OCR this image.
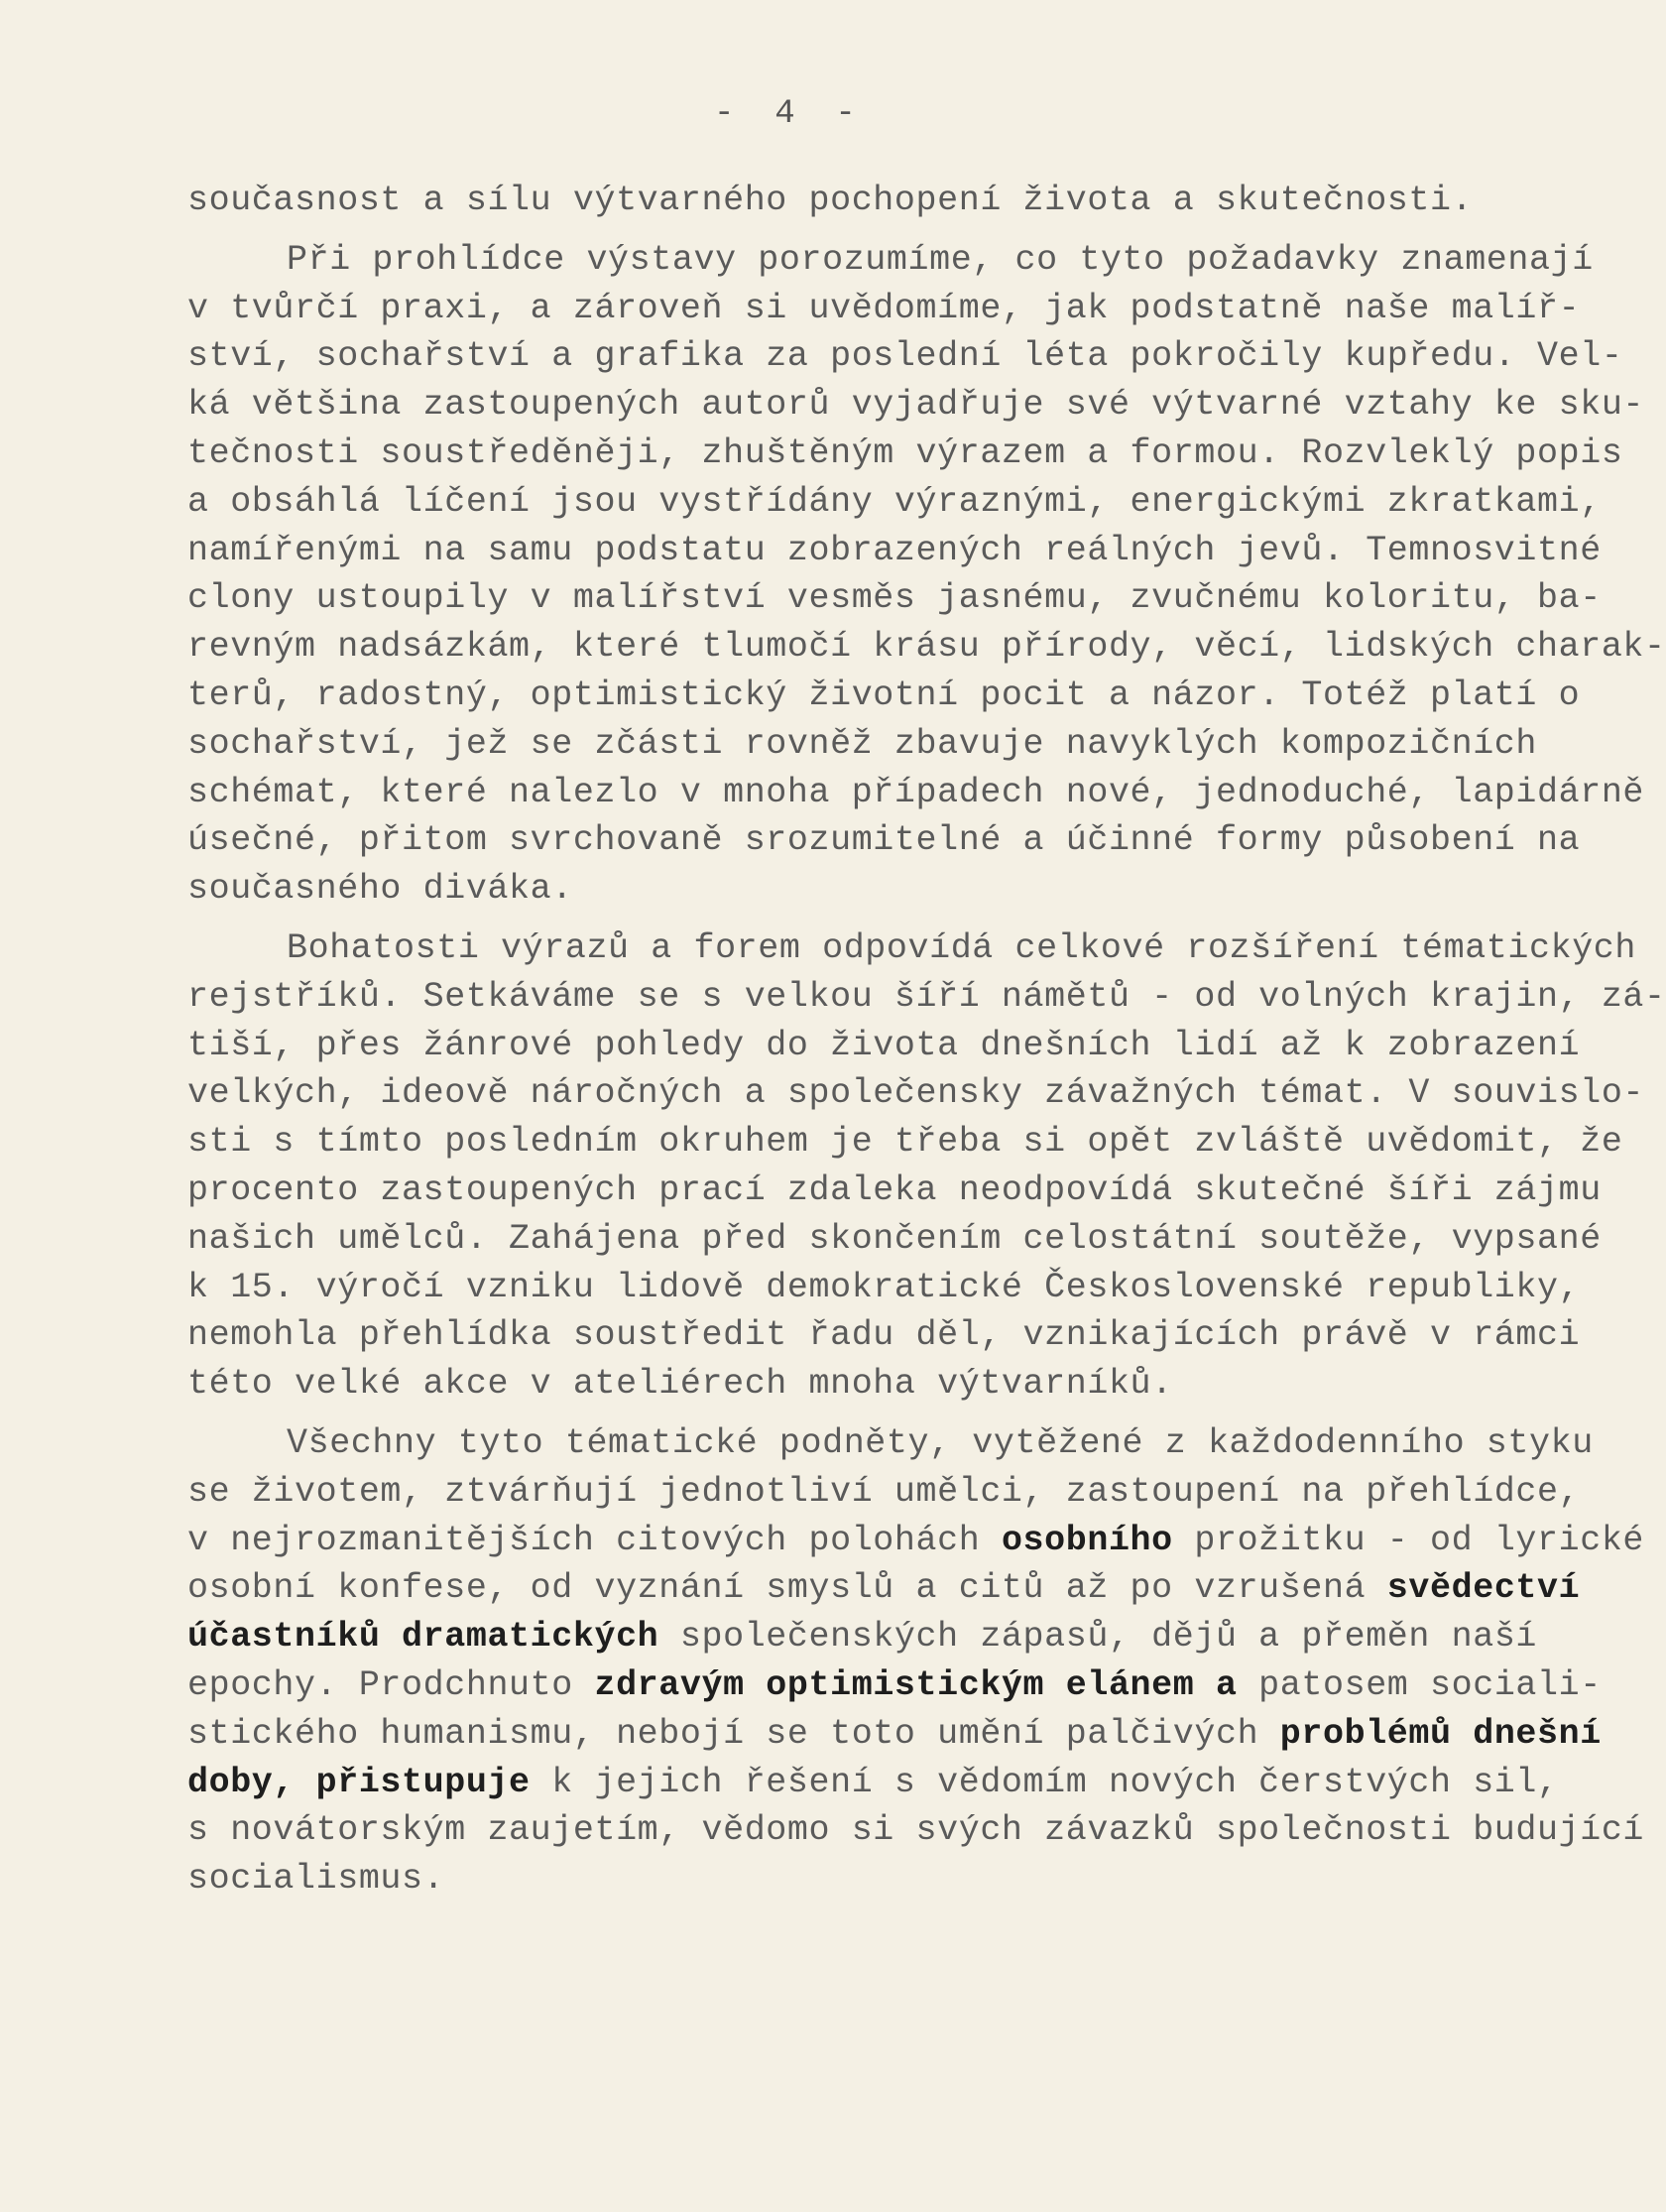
-  4  -
současnost a sílu výtvarného pochopení života a skutečnosti.
Při prohlídce výstavy porozumíme, co tyto požadavky znamenají
v tvůrčí praxi, a zároveň si uvědomíme, jak podstatně naše malíř-
ství, sochařství a grafika za poslední léta pokročily kupředu. Vel-
ká většina zastoupených autorů vyjadřuje své výtvarné vztahy ke sku-
tečnosti soustředěněji, zhuštěným výrazem a formou. Rozvleklý popis
a obsáhlá líčení jsou vystřídány výraznými, energickými zkratkami,
namířenými na samu podstatu zobrazených reálných jevů. Temnosvitné
clony ustoupily v malířství vesměs jasnému, zvučnému koloritu, ba-
revným nadsázkám, které tlumočí krásu přírody, věcí, lidských charak-
terů, radostný, optimistický životní pocit a názor. Totéž platí o
sochařství, jež se zčásti rovněž zbavuje navyklých kompozičních
schémat, které nalezlo v mnoha případech nové, jednoduché, lapidárně
úsečné, přitom svrchovaně srozumitelné a účinné formy působení na
současného diváka.
Bohatosti výrazů a forem odpovídá celkové rozšíření tématických
rejstříků. Setkáváme se s velkou šíří námětů - od volných krajin, zá-
tiší, přes žánrové pohledy do života dnešních lidí až k zobrazení
velkých, ideově náročných a společensky závažných témat. V souvislo-
sti s tímto posledním okruhem je třeba si opět zvláště uvědomit, že
procento zastoupených prací zdaleka neodpovídá skutečné šíři zájmu
našich umělců. Zahájena před skončením celostátní soutěže, vypsané
k 15. výročí vzniku lidově demokratické Československé republiky,
nemohla přehlídka soustředit řadu děl, vznikajících právě v rámci
této velké akce v ateliérech mnoha výtvarníků.
Všechny tyto tématické podněty, vytěžené z každodenního styku
se životem, ztvárňují jednotliví umělci, zastoupení na přehlídce,
v nejrozmanitějších citových polohách osobního prožitku - od lyrické
osobní konfese, od vyznání smyslů a citů až po vzrušená svědectví
účastníků dramatických společenských zápasů, dějů a přeměn naší
epochy. Prodchnuto zdravým optimistickým elánem a patosem sociali-
stického humanismu, nebojí se toto umění palčivých problémů dnešní
doby, přistupuje k jejich řešení s vědomím nových čerstvých sil,
s novátorským zaujetím, vědomo si svých závazků společnosti budující
socialismus.
